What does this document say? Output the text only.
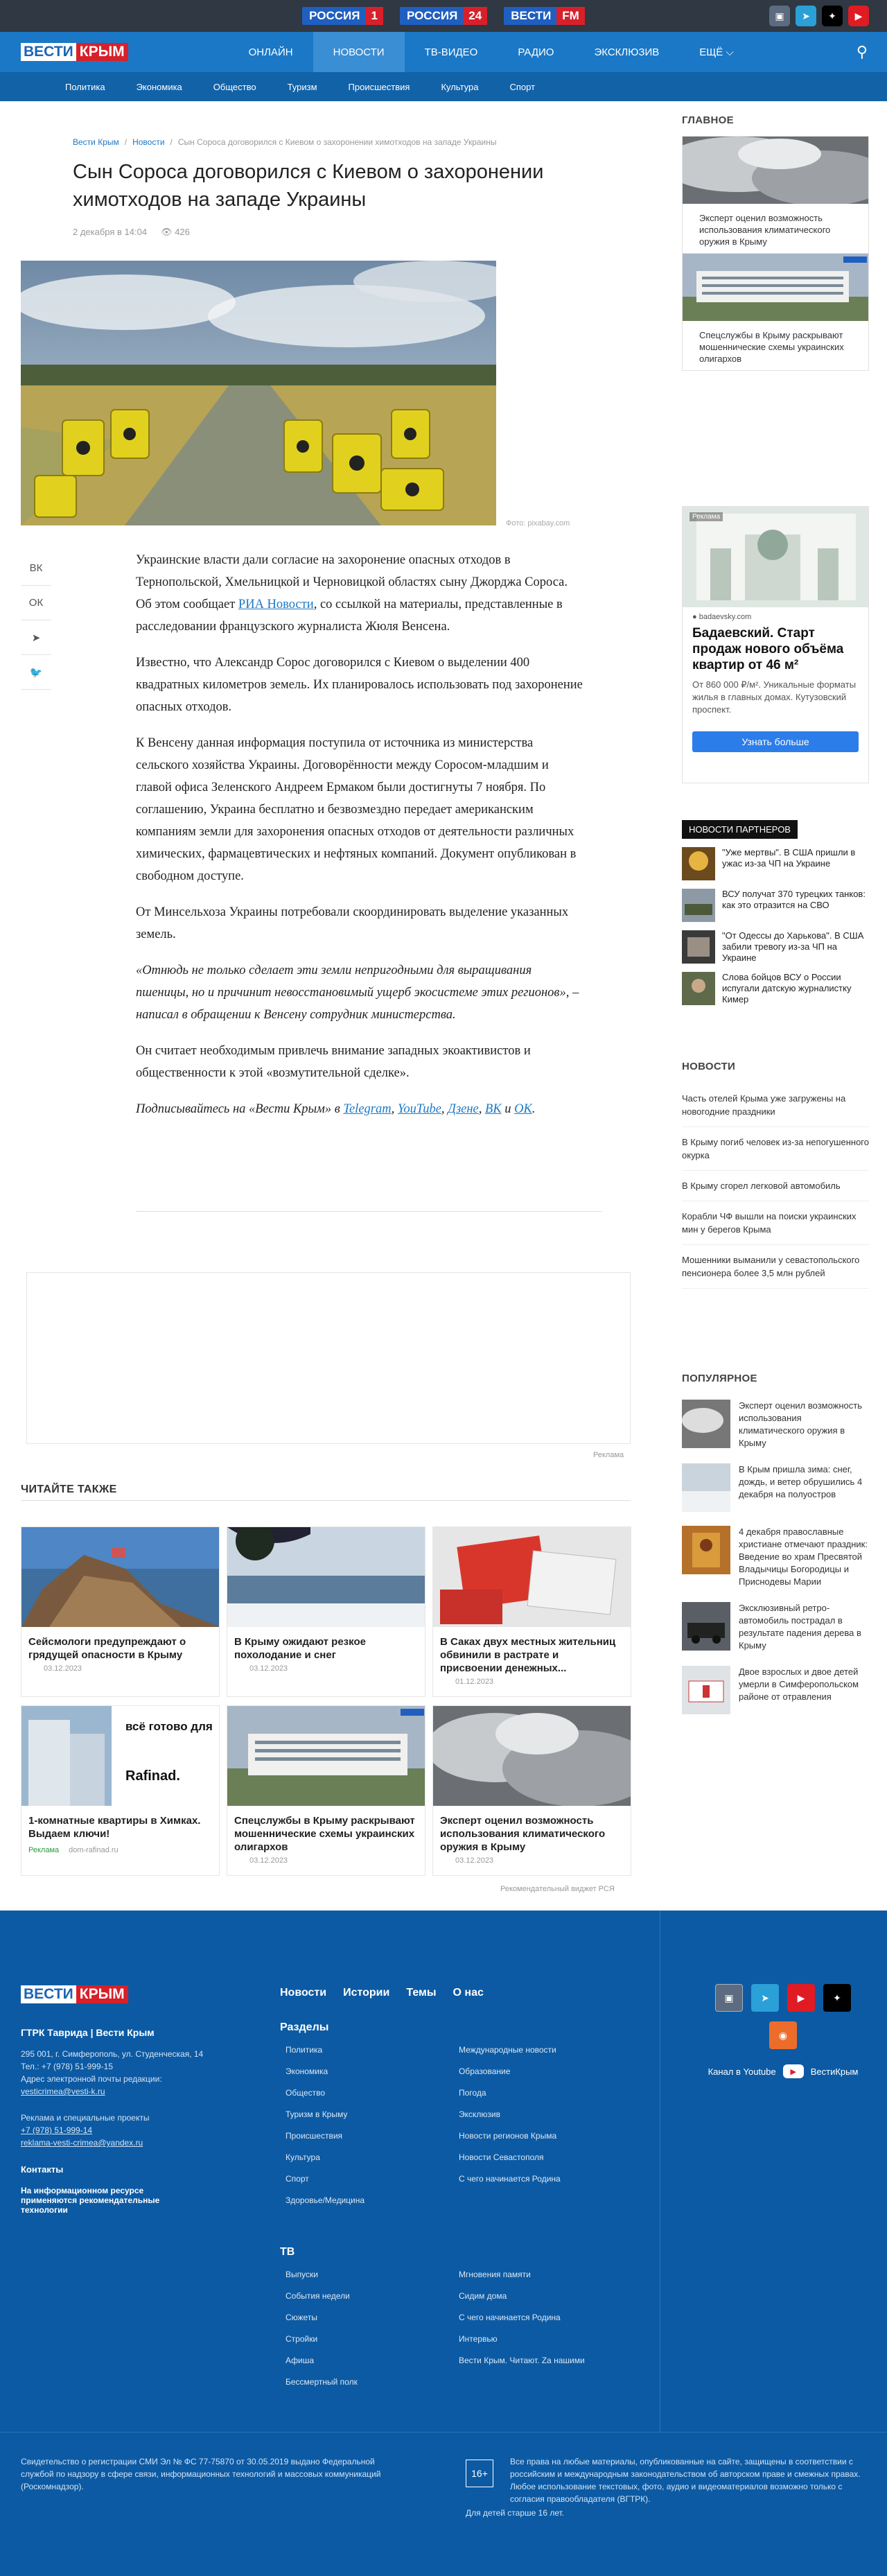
РОССИЯ 1	РОССИЯ 24	ВЕСТИ FM	▣	➤	✦	▶
ВЕСТИ КРЫМ	ОНЛАЙН	НОВОСТИ	ТВ-ВИДЕО	РАДИО	ЭКСКЛЮЗИВ	ЕЩЁ ⌵	⚲
Политика	Экономика	Общество	Туризм	Происшествия	Культура	Спорт
Вести Крым / Новости / Сын Сороса договорился с Киевом о захоронении химотходов на западе Украины
Сын Сороса договорился с Киевом о захоронении химотходов на западе Украины
2 декабря в 14:04 👁 426
Фото: pixabay.com
ВК
ОК
➤
🐦

Украинские власти дали согласие на захоронение опасных отходов в Тернопольской, Хмельницкой и Черновицкой областях сыну Джорджа Сороса. Об этом сообщает РИА Новости, со ссылкой на материалы, представленные в расследовании французского журналиста Жюля Венсена.

Известно, что Александр Сорос договорился с Киевом о выделении 400 квадратных километров земель. Их планировалось использовать под захоронение опасных отходов.

К Венсену данная информация поступила от источника из министерства сельского хозяйства Украины. Договорённости между Соросом-младшим и главой офиса Зеленского Андреем Ермаком были достигнуты 7 ноября. По соглашению, Украина бесплатно и безвозмездно передает американским компаниям земли для захоронения опасных отходов от деятельности различных химических, фармацевтических и нефтяных компаний. Документ опубликован в свободном доступе.

От Минсельхоза Украины потребовали скоординировать выделение указанных земель.

«Отнюдь не только сделает эти земли непригодными для выращивания пшеницы, но и причинит невосстановимый ущерб экосистеме этих регионов», – написал в обращении к Венсену сотрудник министерства.

Он считает необходимым привлечь внимание западных экоактивистов и общественности к этой «возмутительной сделке».

Подписывайтесь на «Вести Крым» в Telegram, YouTube, Дзене, ВК и ОК.

Реклама
ЧИТАЙТЕ ТАКЖЕ
Сейсмологи предупреждают о грядущей опасности в Крыму
03.12.2023
В Крыму ожидают резкое похолодание и снег
03.12.2023
В Саках двух местных жительниц обвинили в растрате и присвоении денежных...
01.12.2023
всё готово для
Rafinad.
1-комнатные квартиры в Химках. Выдаем ключи!
Реклама dom-rafinad.ru
Спецслужбы в Крыму раскрывают мошеннические схемы украинских олигархов
03.12.2023
Эксперт оценил возможность использования климатического оружия в Крыму
03.12.2023
Рекомендательный виджет РСЯ
ГЛАВНОЕ
Эксперт оценил возможность использования климатического оружия в Крыму
Спецслужбы в Крыму раскрывают мошеннические схемы украинских олигархов
Реклама
● badaevsky.com
Бадаевский. Старт продаж нового объёма квартир от 46 м²
От 860 000 ₽/м². Уникальные форматы жилья в главных домах. Кутузовский проспект.
Узнать больше
НОВОСТИ ПАРТНЕРОВ
"Уже мертвы". В США пришли в ужас из-за ЧП на Украине
ВСУ получат 370 турецких танков: как это отразится на СВО
"От Одессы до Харькова". В США забили тревогу из-за ЧП на Украине
Слова бойцов ВСУ о России испугали датскую журналистку Кимер
НОВОСТИ
Часть отелей Крыма уже загружены на новогодние праздники
В Крыму погиб человек из-за непогушенного окурка
В Крыму сгорел легковой автомобиль
Корабли ЧФ вышли на поиски украинских мин у берегов Крыма
Мошенники выманили у севастопольского пенсионера более 3,5 млн рублей
ПОПУЛЯРНОЕ
Эксперт оценил возможность использования климатического оружия в Крыму
В Крым пришла зима: снег, дождь, и ветер обрушились 4 декабря на полуостров
4 декабря православные христиане отмечают праздник: Введение во храм Пресвятой Владычицы Богородицы и Приснодевы Марии
Эксклюзивный ретро-автомобиль пострадал в результате падения дерева в Крыму
Двое взрослых и двое детей умерли в Симферопольском районе от отравления
ВЕСТИ КРЫМ
ГТРК Таврида | Вести Крым
295 001, г. Симферополь, ул. Студенческая, 14
Тел.: +7 (978) 51-999-15
Адрес электронной почты редакции:
vesticrimea@vesti-k.ru
Реклама и специальные проекты
+7 (978) 51-999-14
reklama-vesti-crimea@yandex.ru
Контакты
На информационном ресурсе применяются рекомендательные технологии
Новости Истории Темы О нас
Разделы
Политика
Экономика
Общество
Туризм в Крыму
Происшествия
Культура
Спорт
Здоровье/Медицина
Международные новости
Образование
Погода
Эксклюзив
Новости регионов Крыма
Новости Севастополя
С чего начинается Родина
ТВ
Выпуски
События недели
Сюжеты
Стройки
Афиша
Бессмертный полк
Мгновения памяти
Сидим дома
С чего начинается Родина
Интервью
Вести Крым. Читают. Za нашими
▣	➤	▶	✦
◉
Канал в Youtube	▶	ВестиКрым
Свидетельство о регистрации СМИ Эл № ФС 77-75870 от 30.05.2019 выдано Федеральной службой по надзору в сфере связи, информационных технологий и массовых коммуникаций (Роскомнадзор).
16+
Все права на любые материалы, опубликованные на сайте, защищены в соответствии с российским и международным законодательством об авторском праве и смежных правах. Любое использование текстовых, фото, аудио и видеоматериалов возможно только с согласия правообладателя (ВГТРК).
Для детей старше 16 лет.
